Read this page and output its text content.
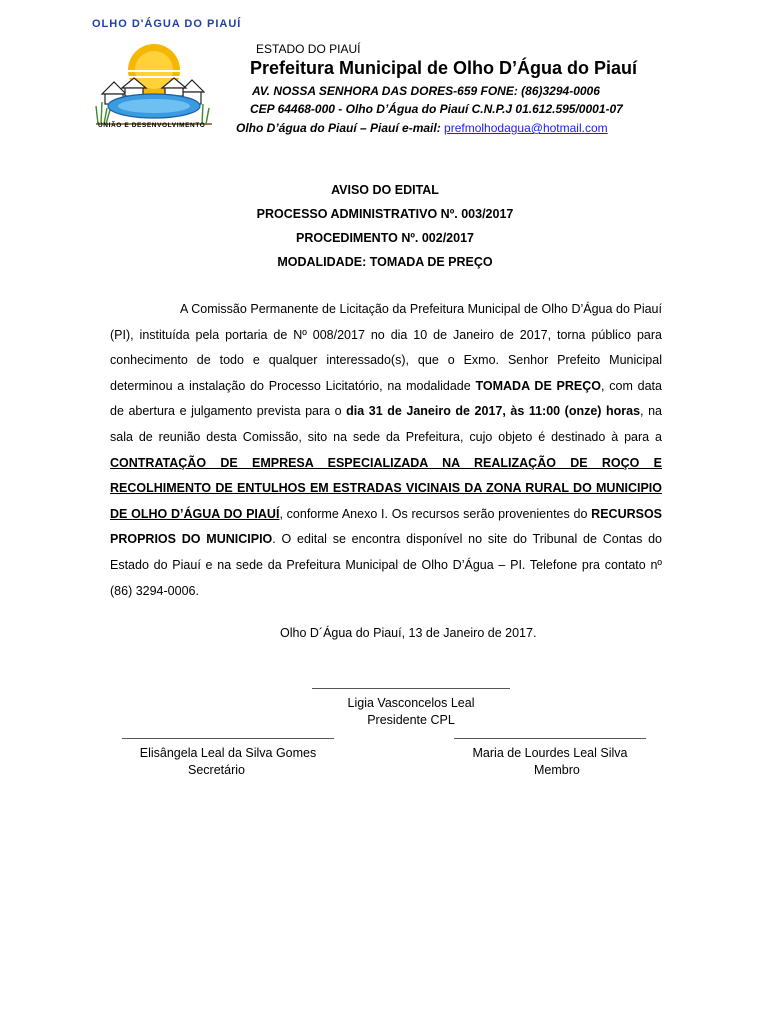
OLHO D'ÁGUA DO PIAUÍ
UNIÃO E DESENVOLVIMENTO
ESTADO DO PIAUÍ
Prefeitura Municipal de Olho D’Água do Piauí
AV. NOSSA SENHORA DAS DORES-659 FONE: (86)3294-0006
CEP 64468-000 - Olho D’Água do Piauí C.N.P.J 01.612.595/0001-07
Olho D’água do Piauí – Piauí e-mail: prefmolhodagua@hotmail.com
AVISO DO EDITAL
PROCESSO ADMINISTRATIVO Nº. 003/2017
PROCEDIMENTO Nº. 002/2017
MODALIDADE: TOMADA DE PREÇO
A Comissão Permanente de Licitação da Prefeitura Municipal de Olho D’Água do Piauí (PI), instituída pela portaria de Nº 008/2017 no dia 10 de Janeiro de 2017, torna público para conhecimento de todo e qualquer interessado(s), que o Exmo. Senhor Prefeito Municipal determinou a instalação do Processo Licitatório, na modalidade TOMADA DE PREÇO, com data de abertura e julgamento prevista para o dia 31 de Janeiro de 2017, às 11:00 (onze) horas, na sala de reunião desta Comissão, sito na sede da Prefeitura, cujo objeto é destinado à para a CONTRATAÇÃO DE EMPRESA ESPECIALIZADA NA REALIZAÇÃO DE ROÇO E RECOLHIMENTO DE ENTULHOS EM ESTRADAS VICINAIS DA ZONA RURAL DO MUNICIPIO DE OLHO D’ÁGUA DO PIAUÍ, conforme Anexo I. Os recursos serão provenientes do RECURSOS PROPRIOS DO MUNICIPIO. O edital se encontra disponível no site do Tribunal de Contas do Estado do Piauí e na sede da Prefeitura Municipal de Olho D’Água – PI. Telefone pra contato nº (86) 3294-0006.
Olho D´Água do Piauí, 13 de Janeiro de 2017.
Ligia Vasconcelos Leal
Presidente CPL
Elisângela Leal da Silva Gomes
Secretário
Maria de Lourdes Leal Silva
Membro
